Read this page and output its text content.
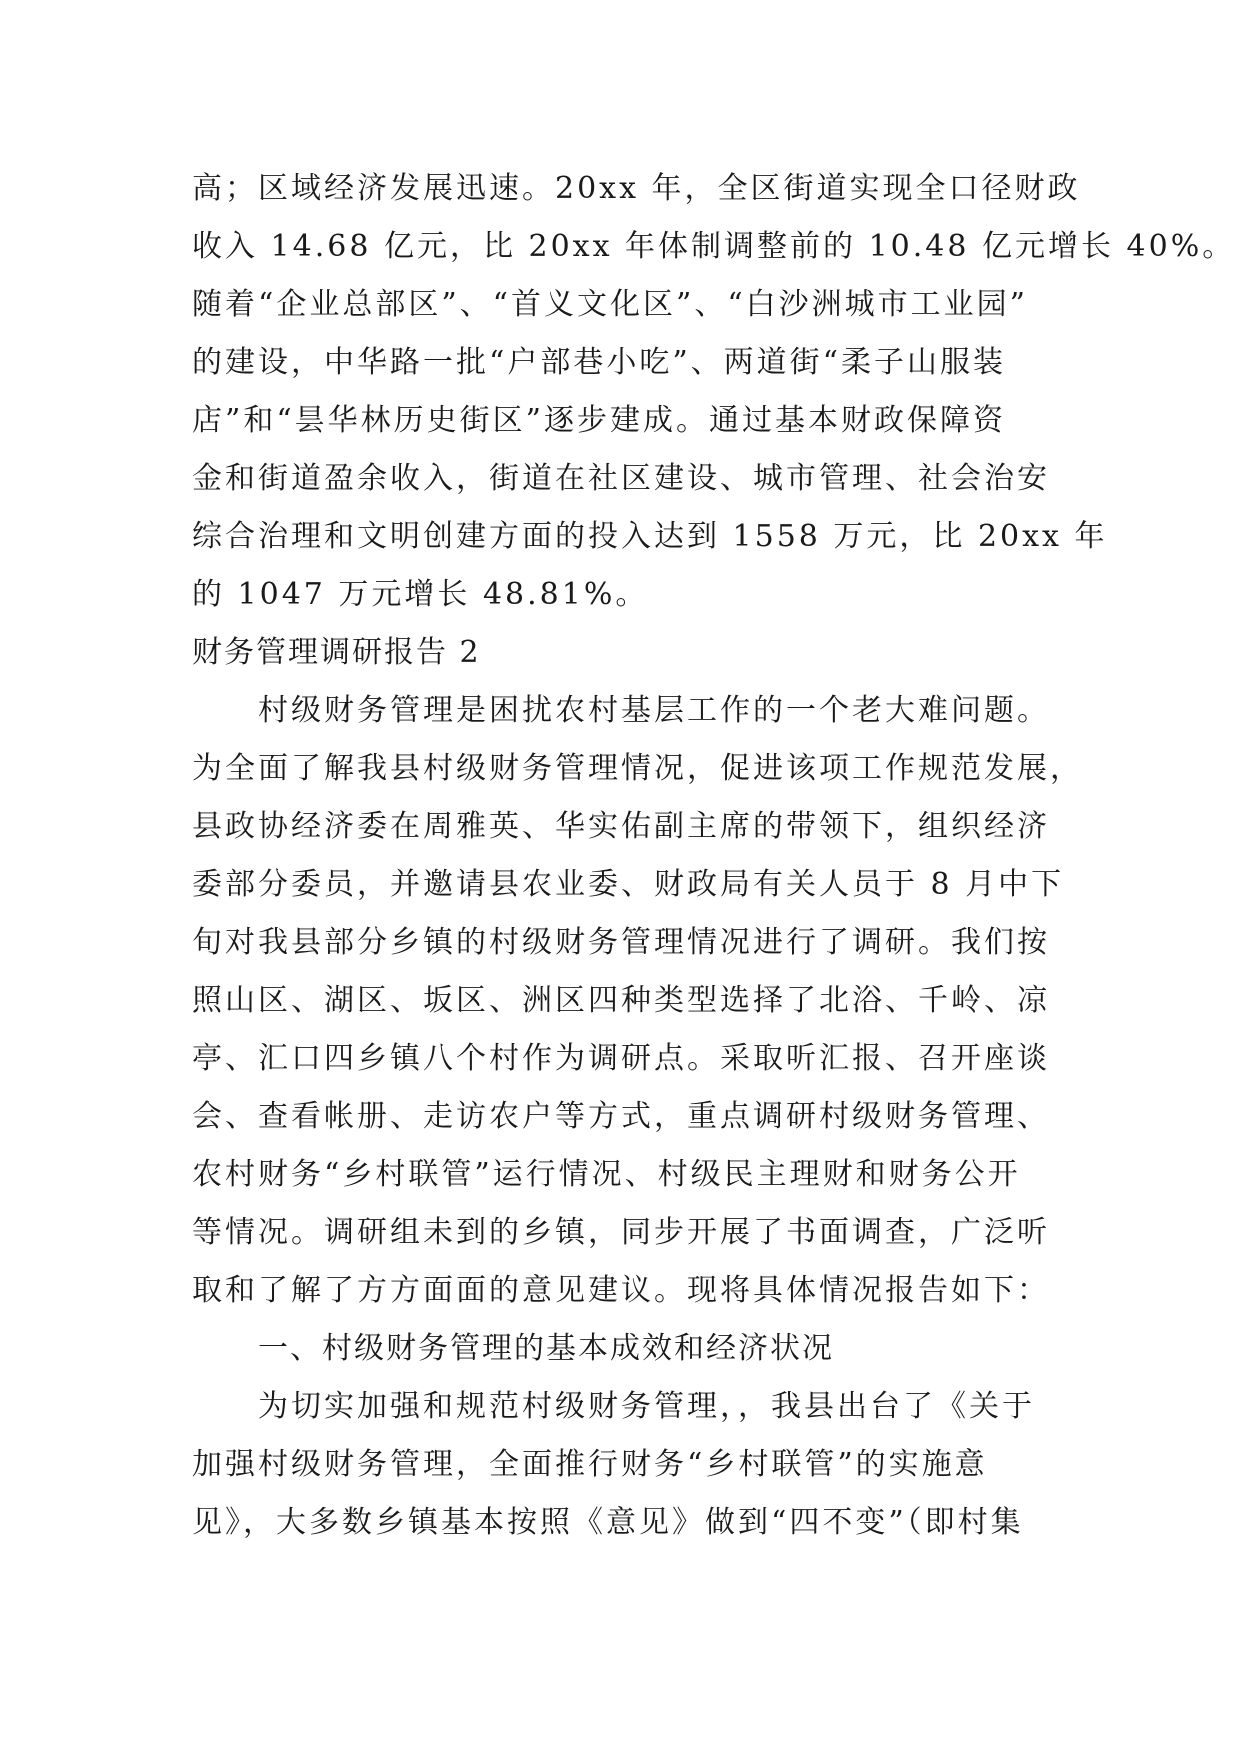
高；区域经济发展迅速。20xx 年，全区街道实现全口径财政
收入 14.68 亿元，比 20xx 年体制调整前的 10.48 亿元增长 40%。
随着“企业总部区”、“首义文化区”、“白沙洲城市工业园”
的建设，中华路一批“户部巷小吃”、两道街“柔子山服装
店”和“昙华林历史街区”逐步建成。通过基本财政保障资
金和街道盈余收入，街道在社区建设、城市管理、社会治安
综合治理和文明创建方面的投入达到 1558 万元，比 20xx 年
的 1047 万元增长 48.81%。
财务管理调研报告 2
村级财务管理是困扰农村基层工作的一个老大难问题。
为全面了解我县村级财务管理情况，促进该项工作规范发展，
县政协经济委在周雅英、华实佑副主席的带领下，组织经济
委部分委员，并邀请县农业委、财政局有关人员于 8 月中下
旬对我县部分乡镇的村级财务管理情况进行了调研。我们按
照山区、湖区、坂区、洲区四种类型选择了北浴、千岭、凉
亭、汇口四乡镇八个村作为调研点。采取听汇报、召开座谈
会、查看帐册、走访农户等方式，重点调研村级财务管理、
农村财务“乡村联管”运行情况、村级民主理财和财务公开
等情况。调研组未到的乡镇，同步开展了书面调查，广泛听
取和了解了方方面面的意见建议。现将具体情况报告如下：
一、村级财务管理的基本成效和经济状况
为切实加强和规范村级财务管理，，我县出台了《关于
加强村级财务管理，全面推行财务“乡村联管”的实施意
见》，大多数乡镇基本按照《意见》做到“四不变”（即村集
